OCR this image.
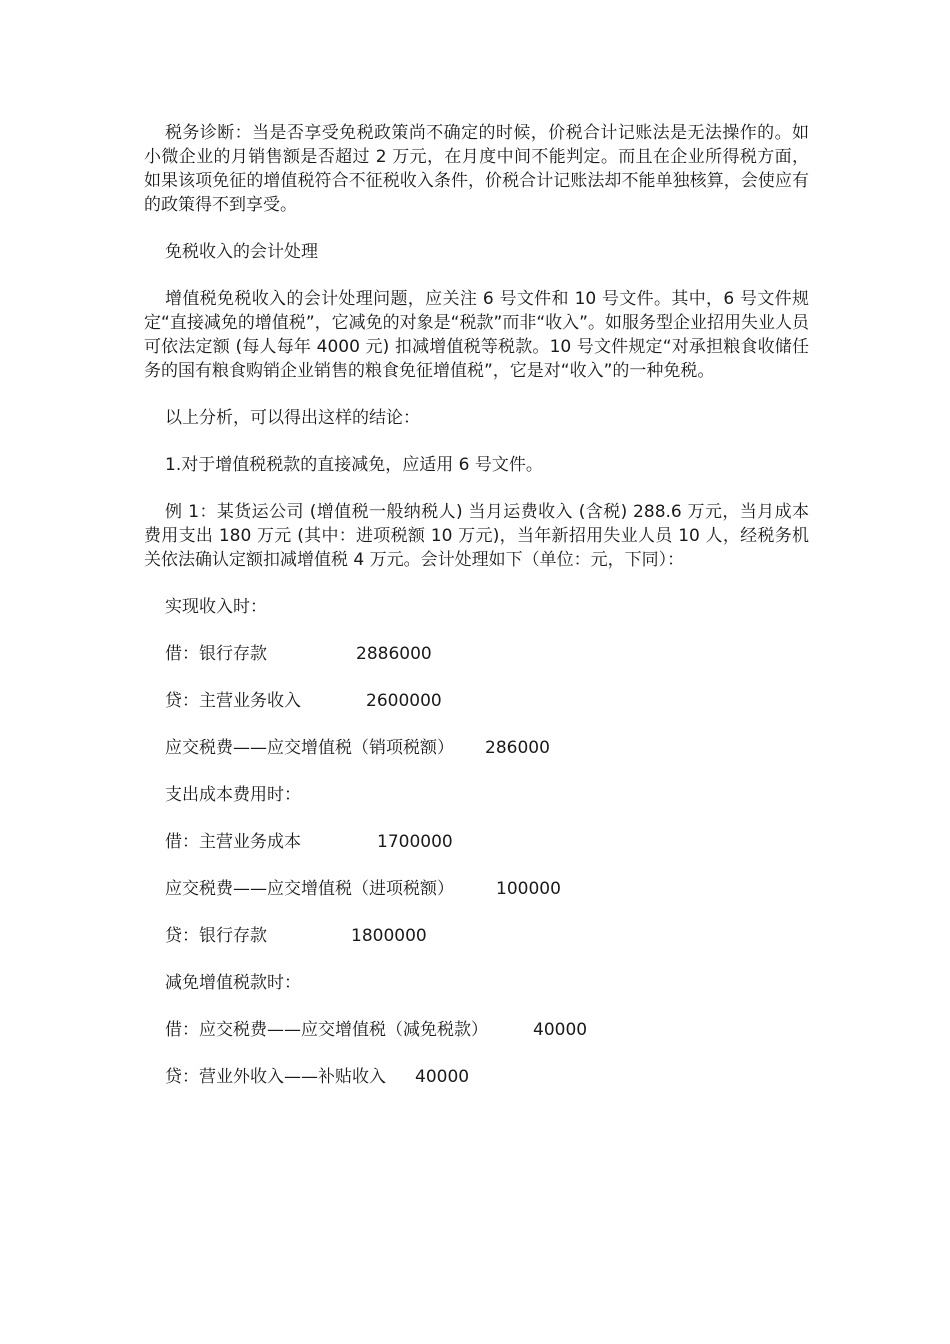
税务诊断：当是否享受免税政策尚不确定的时候，价税合计记账法是无法操作的。如小微企业的月销售额是否超过 2 万元，在月度中间不能判定。而且在企业所得税方面，如果该项免征的增值税符合不征税收入条件，价税合计记账法却不能单独核算，会使应有的政策得不到享受。

免税收入的会计处理

增值税免税收入的会计处理问题，应关注 6 号文件和 10 号文件。其中，6 号文件规定“直接减免的增值税”，它减免的对象是“税款”而非“收入”。如服务型企业招用失业人员可依法定额 (每人每年 4000 元) 扣减增值税等税款。10 号文件规定“对承担粮食收储任务的国有粮食购销企业销售的粮食免征增值税”，它是对“收入”的一种免税。

以上分析，可以得出这样的结论：

1.对于增值税税款的直接减免，应适用 6 号文件。

例 1：某货运公司 (增值税一般纳税人) 当月运费收入 (含税) 288.6 万元，当月成本费用支出 180 万元 (其中：进项税额 10 万元)，当年新招用失业人员 10 人，经税务机关依法确认定额扣减增值税 4 万元。会计处理如下（单位：元，下同）：

实现收入时：
借：银行存款	2886000
贷：主营业务收入	2600000
应交税费——应交增值税（销项税额） 286000
支出成本费用时：
借：主营业务成本	1700000
应交税费——应交增值税（进项税额） 100000
贷：银行存款	1800000
减免增值税款时：
借：应交税费——应交增值税（减免税款）	40000
贷：营业外收入——补贴收入 40000
